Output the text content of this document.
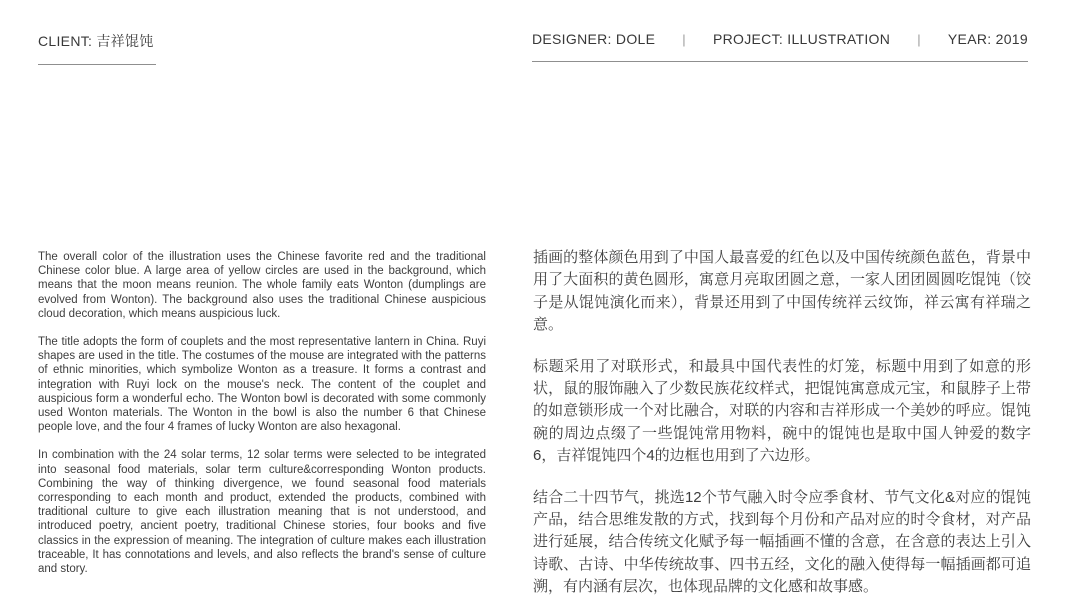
CLIENT: 吉祥馄饨	DESIGNER: DOLE | PROJECT: ILLUSTRATION | YEAR: 2019

The overall color of the illustration uses the Chinese favorite red and the traditional Chinese color blue. A large area of yellow circles are used in the background, which means that the moon means reunion. The whole family eats Wonton (dumplings are evolved from Wonton). The background also uses the traditional Chinese auspicious cloud decoration, which means auspicious luck.

The title adopts the form of couplets and the most representative lantern in China. Ruyi shapes are used in the title. The costumes of the mouse are integrated with the patterns of ethnic minorities, which symbolize Wonton as a treasure. It forms a contrast and integration with Ruyi lock on the mouse's neck. The content of the couplet and auspicious form a wonderful echo. The Wonton bowl is decorated with some commonly used Wonton materials. The Wonton in the bowl is also the number 6 that Chinese people love, and the four 4 frames of lucky Wonton are also hexagonal.

In combination with the 24 solar terms, 12 solar terms were selected to be integrated into seasonal food materials, solar term culture&corresponding Wonton products. Combining the way of thinking divergence, we found seasonal food materials corresponding to each month and product, extended the products, combined with traditional culture to give each illustration meaning that is not understood, and introduced poetry, ancient poetry, traditional Chinese stories, four books and five classics in the expression of meaning. The integration of culture makes each illustration traceable, It has connotations and levels, and also reflects the brand's sense of culture and story.

插画的整体颜色用到了中国人最喜爱的红色以及中国传统颜色蓝色，背景中用了大面积的黄色圆形，寓意月亮取团圆之意，一家人团团圆圆吃馄饨（饺子是从馄饨演化而来），背景还用到了中国传统祥云纹饰，祥云寓有祥瑞之意。

标题采用了对联形式，和最具中国代表性的灯笼，标题中用到了如意的形状，鼠的服饰融入了少数民族花纹样式，把馄饨寓意成元宝，和鼠脖子上带的如意锁形成一个对比融合，对联的内容和吉祥形成一个美妙的呼应。馄饨碗的周边点缀了一些馄饨常用物料，碗中的馄饨也是取中国人钟爱的数字6，吉祥馄饨四个4的边框也用到了六边形。

结合二十四节气，挑选12个节气融入时令应季食材、节气文化&对应的馄饨产品，结合思维发散的方式，找到每个月份和产品对应的时令食材，对产品进行延展，结合传统文化赋予每一幅插画不懂的含意，在含意的表达上引入诗歌、古诗、中华传统故事、四书五经，文化的融入使得每一幅插画都可追溯，有内涵有层次，也体现品牌的文化感和故事感。
